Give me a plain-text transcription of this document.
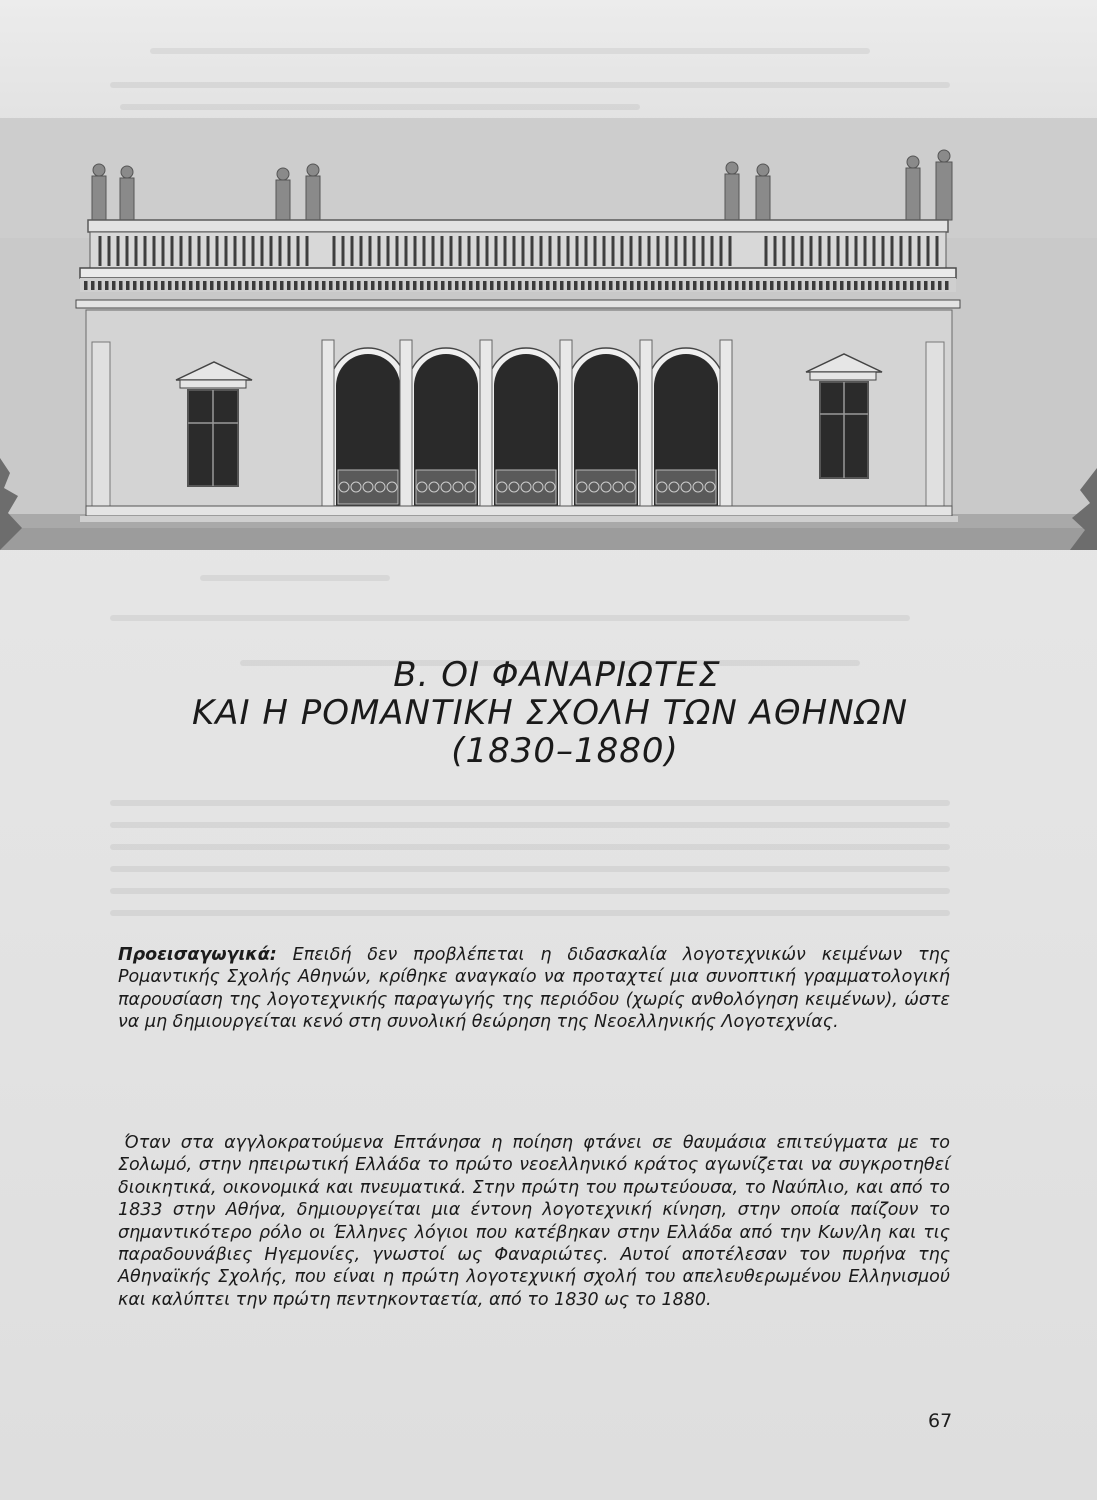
Β. ΟΙ ΦΑΝΑΡΙΩΤΕΣ
ΚΑΙ Η ΡΟΜΑΝΤΙΚΗ ΣΧΟΛΗ ΤΩΝ ΑΘΗΝΩΝ
(1830–1880)
Προεισαγωγικά: Επειδή δεν προβλέπεται η διδασκαλία λογοτεχνικών κειμένων της Ρομαντικής Σχολής Αθηνών, κρίθηκε αναγκαίο να προταχτεί μια συνοπτική γραμματολογική παρουσίαση της λογοτεχνικής παραγωγής της περιόδου (χωρίς ανθολόγηση κειμένων), ώστε να μη δημιουργείται κενό στη συνολική θεώρηση της Νεοελληνικής Λογοτεχνίας.
Όταν στα αγγλοκρατούμενα Επτάνησα η ποίηση φτάνει σε θαυμάσια επιτεύγματα με το Σολωμό, στην ηπειρωτική Ελλάδα το πρώτο νεοελληνικό κράτος αγωνίζεται να συγκροτηθεί διοικητικά, οικονομικά και πνευματικά. Στην πρώτη του πρωτεύουσα, το Ναύπλιο, και από το 1833 στην Αθήνα, δημιουργείται μια έντονη λογοτεχνική κίνηση, στην οποία παίζουν το σημαντικότερο ρόλο οι Έλληνες λόγιοι που κατέβηκαν στην Ελλάδα από την Κων/λη και τις παραδουνάβιες Ηγεμονίες, γνωστοί ως Φαναριώτες. Αυτοί αποτέλεσαν τον πυρήνα της Αθηναϊκής Σχολής, που είναι η πρώτη λογοτεχνική σχολή του απελευθερωμένου Ελληνισμού και καλύπτει την πρώτη πεντηκονταετία, από το 1830 ως το 1880.
67
